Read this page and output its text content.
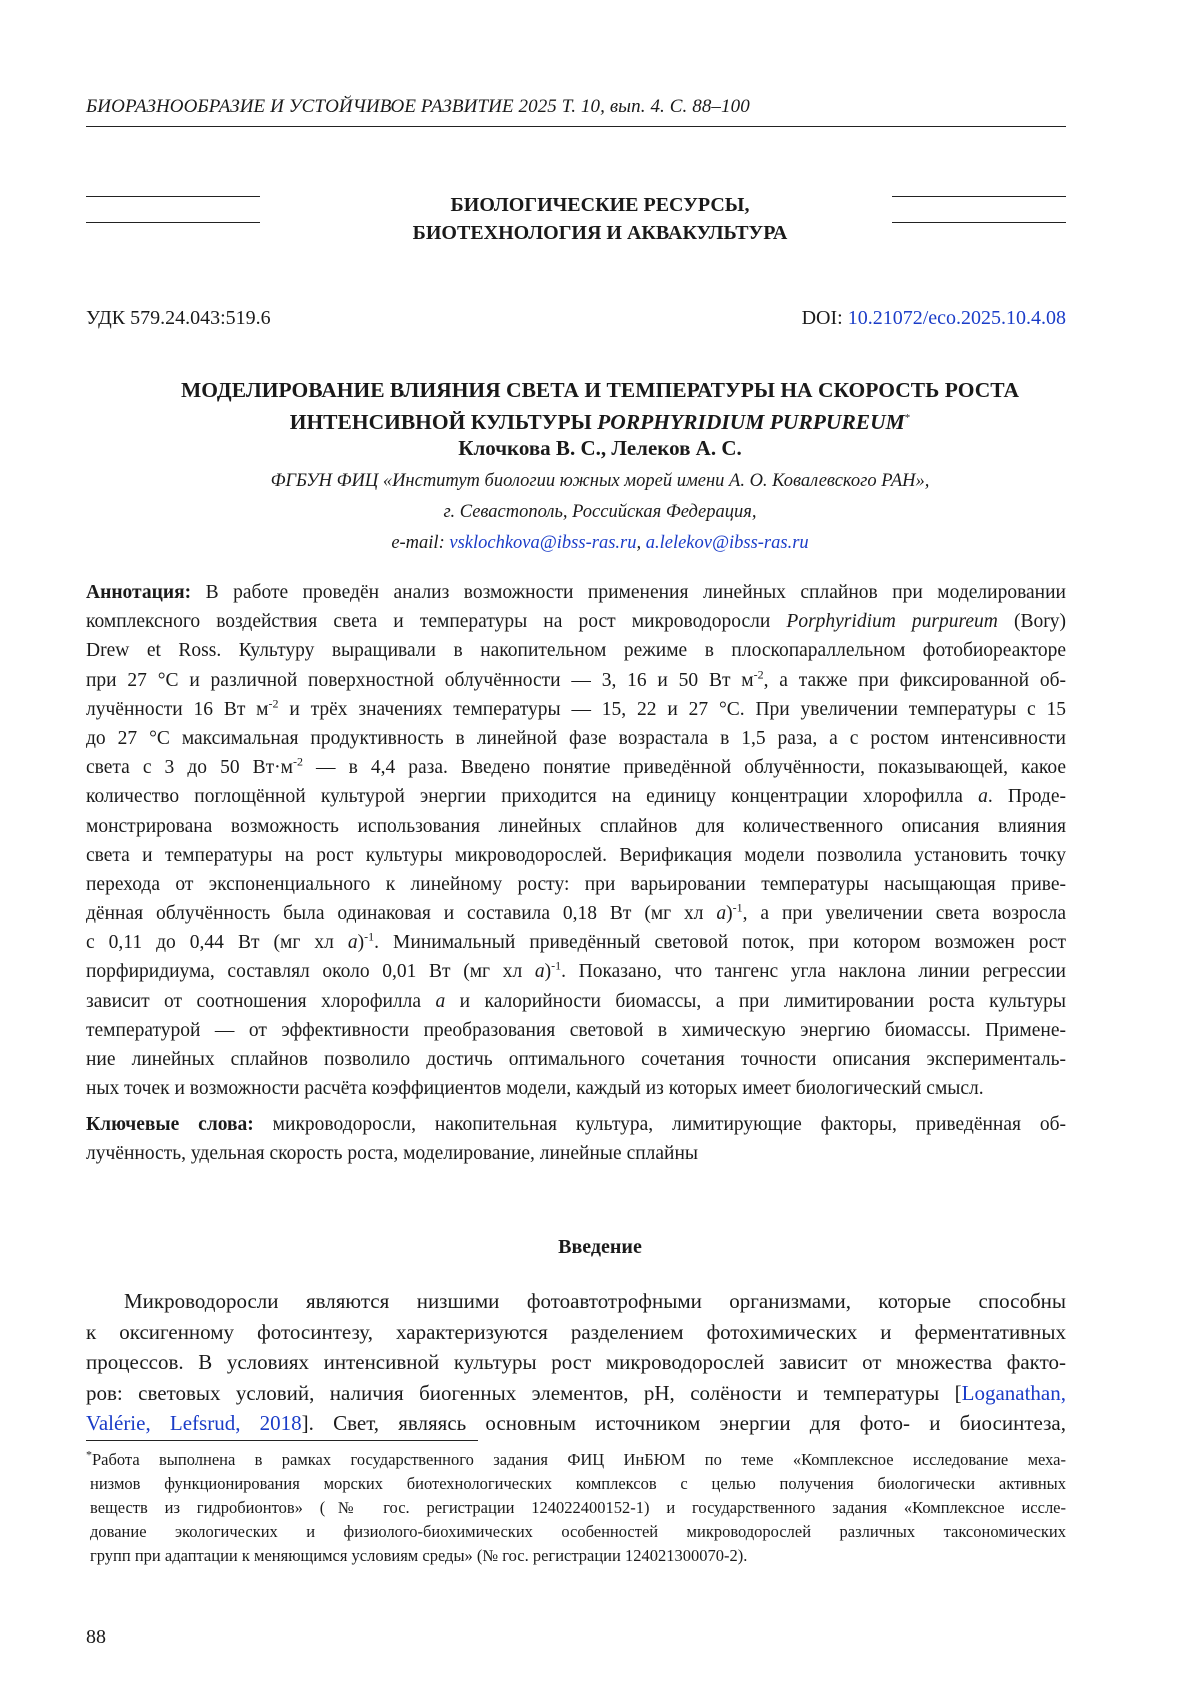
БИОРАЗНООБРАЗИЕ И УСТОЙЧИВОЕ РАЗВИТИЕ 2025 Т. 10, вып. 4. С. 88–100
БИОЛОГИЧЕСКИЕ РЕСУРСЫ,
БИОТЕХНОЛОГИЯ И АКВАКУЛЬТУРА
УДК 579.24.043:519.6	DOI: 10.21072/eco.2025.10.4.08
МОДЕЛИРОВАНИЕ ВЛИЯНИЯ СВЕТА И ТЕМПЕРАТУРЫ НА СКОРОСТЬ РОСТА
ИНТЕНСИВНОЙ КУЛЬТУРЫ PORPHYRIDIUM PURPUREUM*
Клочкова В. С., Лелеков А. С.
ФГБУН ФИЦ «Институт биологии южных морей имени А. О. Ковалевского РАН»,
г. Севастополь, Российская Федерация,
e-mail: vsklochkova@ibss-ras.ru, a.lelekov@ibss-ras.ru
Аннотация: В работе проведён анализ возможности применения линейных сплайнов при моделировании
комплексного воздействия света и температуры на рост микроводоросли Porphyridium purpureum (Bory)
Drew et Ross. Культуру выращивали в накопительном режиме в плоскопараллельном фотобиореакторе
при 27 °C и различной поверхностной облучённости — 3, 16 и 50 Вт $м^{-2}$, а также при фиксированной об-
лучённости 16 Вт $м^{-2}$ и трёх значениях температуры — 15, 22 и 27 °C. При увеличении температуры с 15
до 27 °C максимальная продуктивность в линейной фазе возрастала в 1,5 раза, а с ростом интенсивности
света с 3 до 50 $Вт\cdot м^{-2}$ — в 4,4 раза. Введено понятие приведённой облучённости, показывающей, какое
количество поглощённой культурой энергии приходится на единицу концентрации хлорофилла a. Продe-
монстрирована возможность использования линейных сплайнов для количественного описания влияния
света и температуры на рост культуры микроводорослей. Верификация модели позволила установить точку
перехода от экспоненциального к линейному росту: при варьировании температуры насыщающая приве-
дённая облучённость была одинаковая и составила 0,18 Вт (мг хл a)$^{-1}$, а при увеличении света возросла
с 0,11 до 0,44 Вт (мг хл a)$^{-1}$. Минимальный приведённый световой поток, при котором возможен рост
порфиридиума, составлял около 0,01 Вт (мг хл a)$^{-1}$. Показано, что тангенс угла наклона линии регрессии
зависит от соотношения хлорофилла a и калорийности биомассы, а при лимитировании роста культуры
температурой — от эффективности преобразования световой в химическую энергию биомассы. Примене-
ние линейных сплайнов позволило достичь оптимального сочетания точности описания эксперименталь-
ных точек и возможности расчёта коэффициентов модели, каждый из которых имеет биологический смысл.
Ключевые слова: микроводоросли, накопительная культура, лимитирующие факторы, приведённая об-
лучённость, удельная скорость роста, моделирование, линейные сплайны
Введение
Микроводоросли являются низшими фотоавтотрофными организмами, которые способны
к оксигенному фотосинтезу, характеризуются разделением фотохимических и ферментативных
процессов. В условиях интенсивной культуры рост микроводорослей зависит от множества факто-
ров: световых условий, наличия биогенных элементов, pH, солёности и температуры [Loganathan,
Valérie, Lefsrud, 2018]. Свет, являясь основным источником энергии для фото- и биосинтеза,
*Работа выполнена в рамках государственного задания ФИЦ ИнБЮМ по теме «Комплексное исследование меха-
низмов функционирования морских биотехнологических комплексов с целью получения биологически активных
веществ из гидробионтов» (№ гос. регистрации 124022400152-1) и государственного задания «Комплексное иссле-
дование экологических и физиолого-биохимических особенностей микроводорослей различных таксономических
групп при адаптации к меняющимся условиям среды» (№ гос. регистрации 124021300070-2).
88
